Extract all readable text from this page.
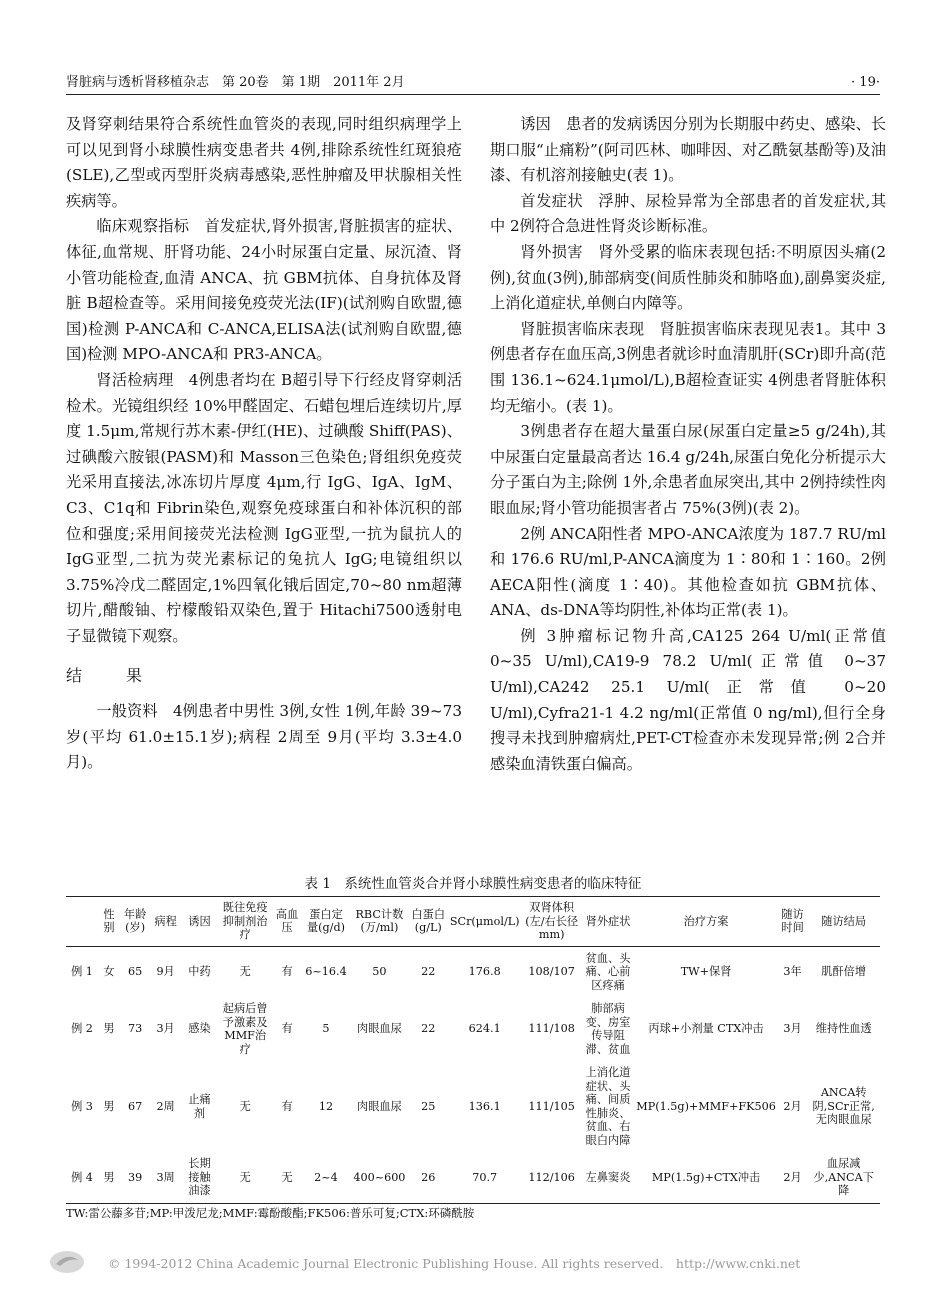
肾脏病与透析肾移植杂志　第 20卷　第 1期　2011年 2月	· 19·

及肾穿刺结果符合系统性血管炎的表现,同时组织病理学上可以见到肾小球膜性病变患者共 4例,排除系统性红斑狼疮(SLE),乙型或丙型肝炎病毒感染,恶性肿瘤及甲状腺相关性疾病等。

临床观察指标 首发症状,肾外损害,肾脏损害的症状、体征,血常规、肝肾功能、24小时尿蛋白定量、尿沉渣、肾小管功能检查,血清 ANCA、抗 GBM抗体、自身抗体及肾脏 B超检查等。采用间接免疫荧光法(IF)(试剂购自欧盟,德国)检测 P-ANCA和 C-ANCA,ELISA法(试剂购自欧盟,德国)检测 MPO-ANCA和 PR3-ANCA。

肾活检病理 4例患者均在 B超引导下行经皮肾穿刺活检术。光镜组织经 10%甲醛固定、石蜡包埋后连续切片,厚度 1.5μm,常规行苏木素-伊红(HE)、过碘酸 Shiff(PAS)、过碘酸六胺银(PASM)和 Masson三色染色;肾组织免疫荧光采用直接法,冰冻切片厚度 4μm,行 IgG、IgA、IgM、C3、C1q和 Fibrin染色,观察免疫球蛋白和补体沉积的部位和强度;采用间接荧光法检测 IgG亚型,一抗为鼠抗人的 IgG亚型,二抗为荧光素标记的兔抗人 IgG;电镜组织以 3.75%冷戊二醛固定,1%四氧化锇后固定,70~80 nm超薄切片,醋酸铀、柠檬酸铅双染色,置于 Hitachi7500透射电子显微镜下观察。

结　果

一般资料 4例患者中男性 3例,女性 1例,年龄 39~73岁(平均 61.0±15.1岁);病程 2周至 9月(平均 3.3±4.0月)。

诱因 患者的发病诱因分别为长期服中药史、感染、长期口服“止痛粉”(阿司匹林、咖啡因、对乙酰氨基酚等)及油漆、有机溶剂接触史(表 1)。

首发症状 浮肿、尿检异常为全部患者的首发症状,其中 2例符合急进性肾炎诊断标准。

肾外损害 肾外受累的临床表现包括:不明原因头痛(2例),贫血(3例),肺部病变(间质性肺炎和肺咯血),副鼻窦炎症,上消化道症状,单侧白内障等。

肾脏损害临床表现 肾脏损害临床表现见表1。其中 3例患者存在血压高,3例患者就诊时血清肌肝(SCr)即升高(范围 136.1~624.1μmol/L),B超检查证实 4例患者肾脏体积均无缩小。(表 1)。

3例患者存在超大量蛋白尿(尿蛋白定量≥5 g/24h),其中尿蛋白定量最高者达 16.4 g/24h,尿蛋白免化分析提示大分子蛋白为主;除例 1外,余患者血尿突出,其中 2例持续性肉眼血尿;肾小管功能损害者占 75%(3例)(表 2)。

2例 ANCA阳性者 MPO-ANCA浓度为 187.7 RU/ml和 176.6 RU/ml,P-ANCA滴度为 1∶80和 1∶160。2例 AECA阳性(滴度 1∶40)。其他检查如抗 GBM抗体、ANA、ds-DNA等均阴性,补体均正常(表 1)。

例 3肿瘤标记物升高,CA125 264 U/ml(正常值 0~35 U/ml),CA19-9 78.2 U/ml(正常值 0~37 U/ml),CA242 25.1 U/ml(正常值 0~20 U/ml),Cyfra21-1 4.2 ng/ml(正常值 0 ng/ml),但行全身搜寻未找到肿瘤病灶,PET-CT检查亦未发现异常;例 2合并感染血清铁蛋白偏高。

表 1　系统性血管炎合并肾小球膜性病变患者的临床特征
	性别	年龄(岁)	病程	诱因	既往免疫抑制剂治疗	高血压	蛋白定量(g/d)	RBC计数(万/ml)	白蛋白(g/L)	SCr(μmol/L)	双肾体积(左/右长径 mm)	肾外症状	治疗方案	随访时间	随访结局
例 1	女	65	9月	中药	无	有	6~16.4	50	22	176.8	108/107	贫血、头痛、心前区疼痛	TW+保肾	3年	肌酐倍增
例 2	男	73	3月	感染	起病后曾予激素及MMF治疗	有	5	肉眼血尿	22	624.1	111/108	肺部病变、房室传导阻滞、贫血	丙球+小剂量 CTX冲击	3月	维持性血透
例 3	男	67	2周	止痛剂	无	有	12	肉眼血尿	25	136.1	111/105	上消化道症状、头痛、间质性肺炎、贫血、右眼白内障	MP(1.5g)+MMF+FK506	2月	ANCA转阴,SCr正常,无肉眼血尿
例 4	男	39	3周	长期接触油漆	无	无	2~4	400~600	26	70.7	112/106	左鼻窦炎	MP(1.5g)+CTX冲击	2月	血尿减少,ANCA下降
TW:雷公藤多苷;MP:甲泼尼龙;MMF:霉酚酸酯;FK506:普乐可复;CTX:环磷酰胺
© 1994-2012 China Academic Journal Electronic Publishing House. All rights reserved.　http://www.cnki.net
